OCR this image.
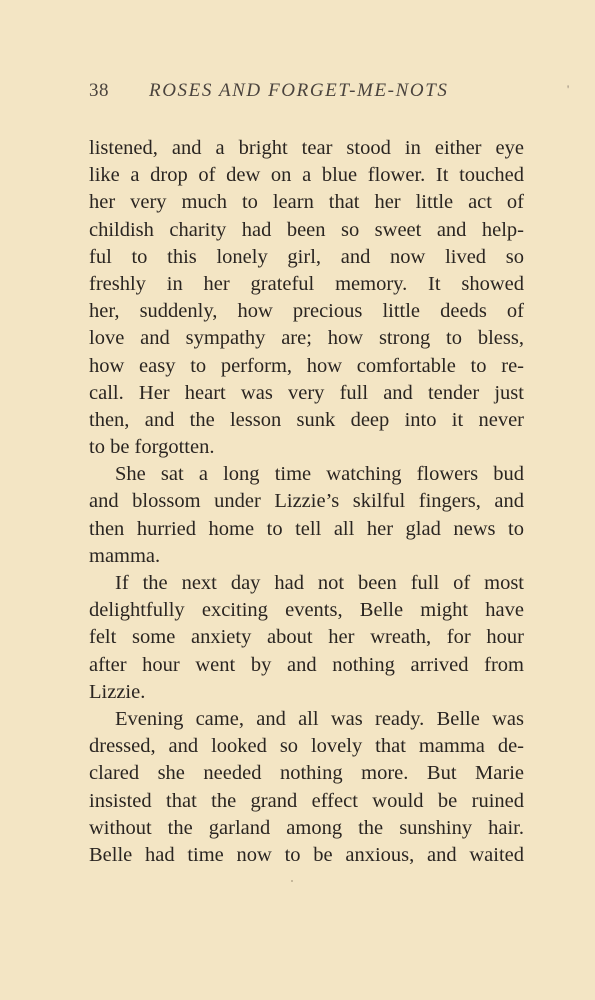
38 ROSES AND FORGET-ME-NOTS	'
listened, and a bright tear stood in either eye
like a drop of dew on a blue flower. It touched
her very much to learn that her little act of
childish charity had been so sweet and help-
ful to this lonely girl, and now lived so
freshly in her grateful memory. It showed
her, suddenly, how precious little deeds of
love and sympathy are; how strong to bless,
how easy to perform, how comfortable to re-
call. Her heart was very full and tender just
then, and the lesson sunk deep into it never
to be forgotten.
She sat a long time watching flowers bud
and blossom under Lizzie’s skilful fingers, and
then hurried home to tell all her glad news to
mamma.
If the next day had not been full of most
delightfully exciting events, Belle might have
felt some anxiety about her wreath, for hour
after hour went by and nothing arrived from
Lizzie.
Evening came, and all was ready. Belle was
dressed, and looked so lovely that mamma de-
clared she needed nothing more. But Marie
insisted that the grand effect would be ruined
without the garland among the sunshiny hair.
Belle had time now to be anxious, and waited
